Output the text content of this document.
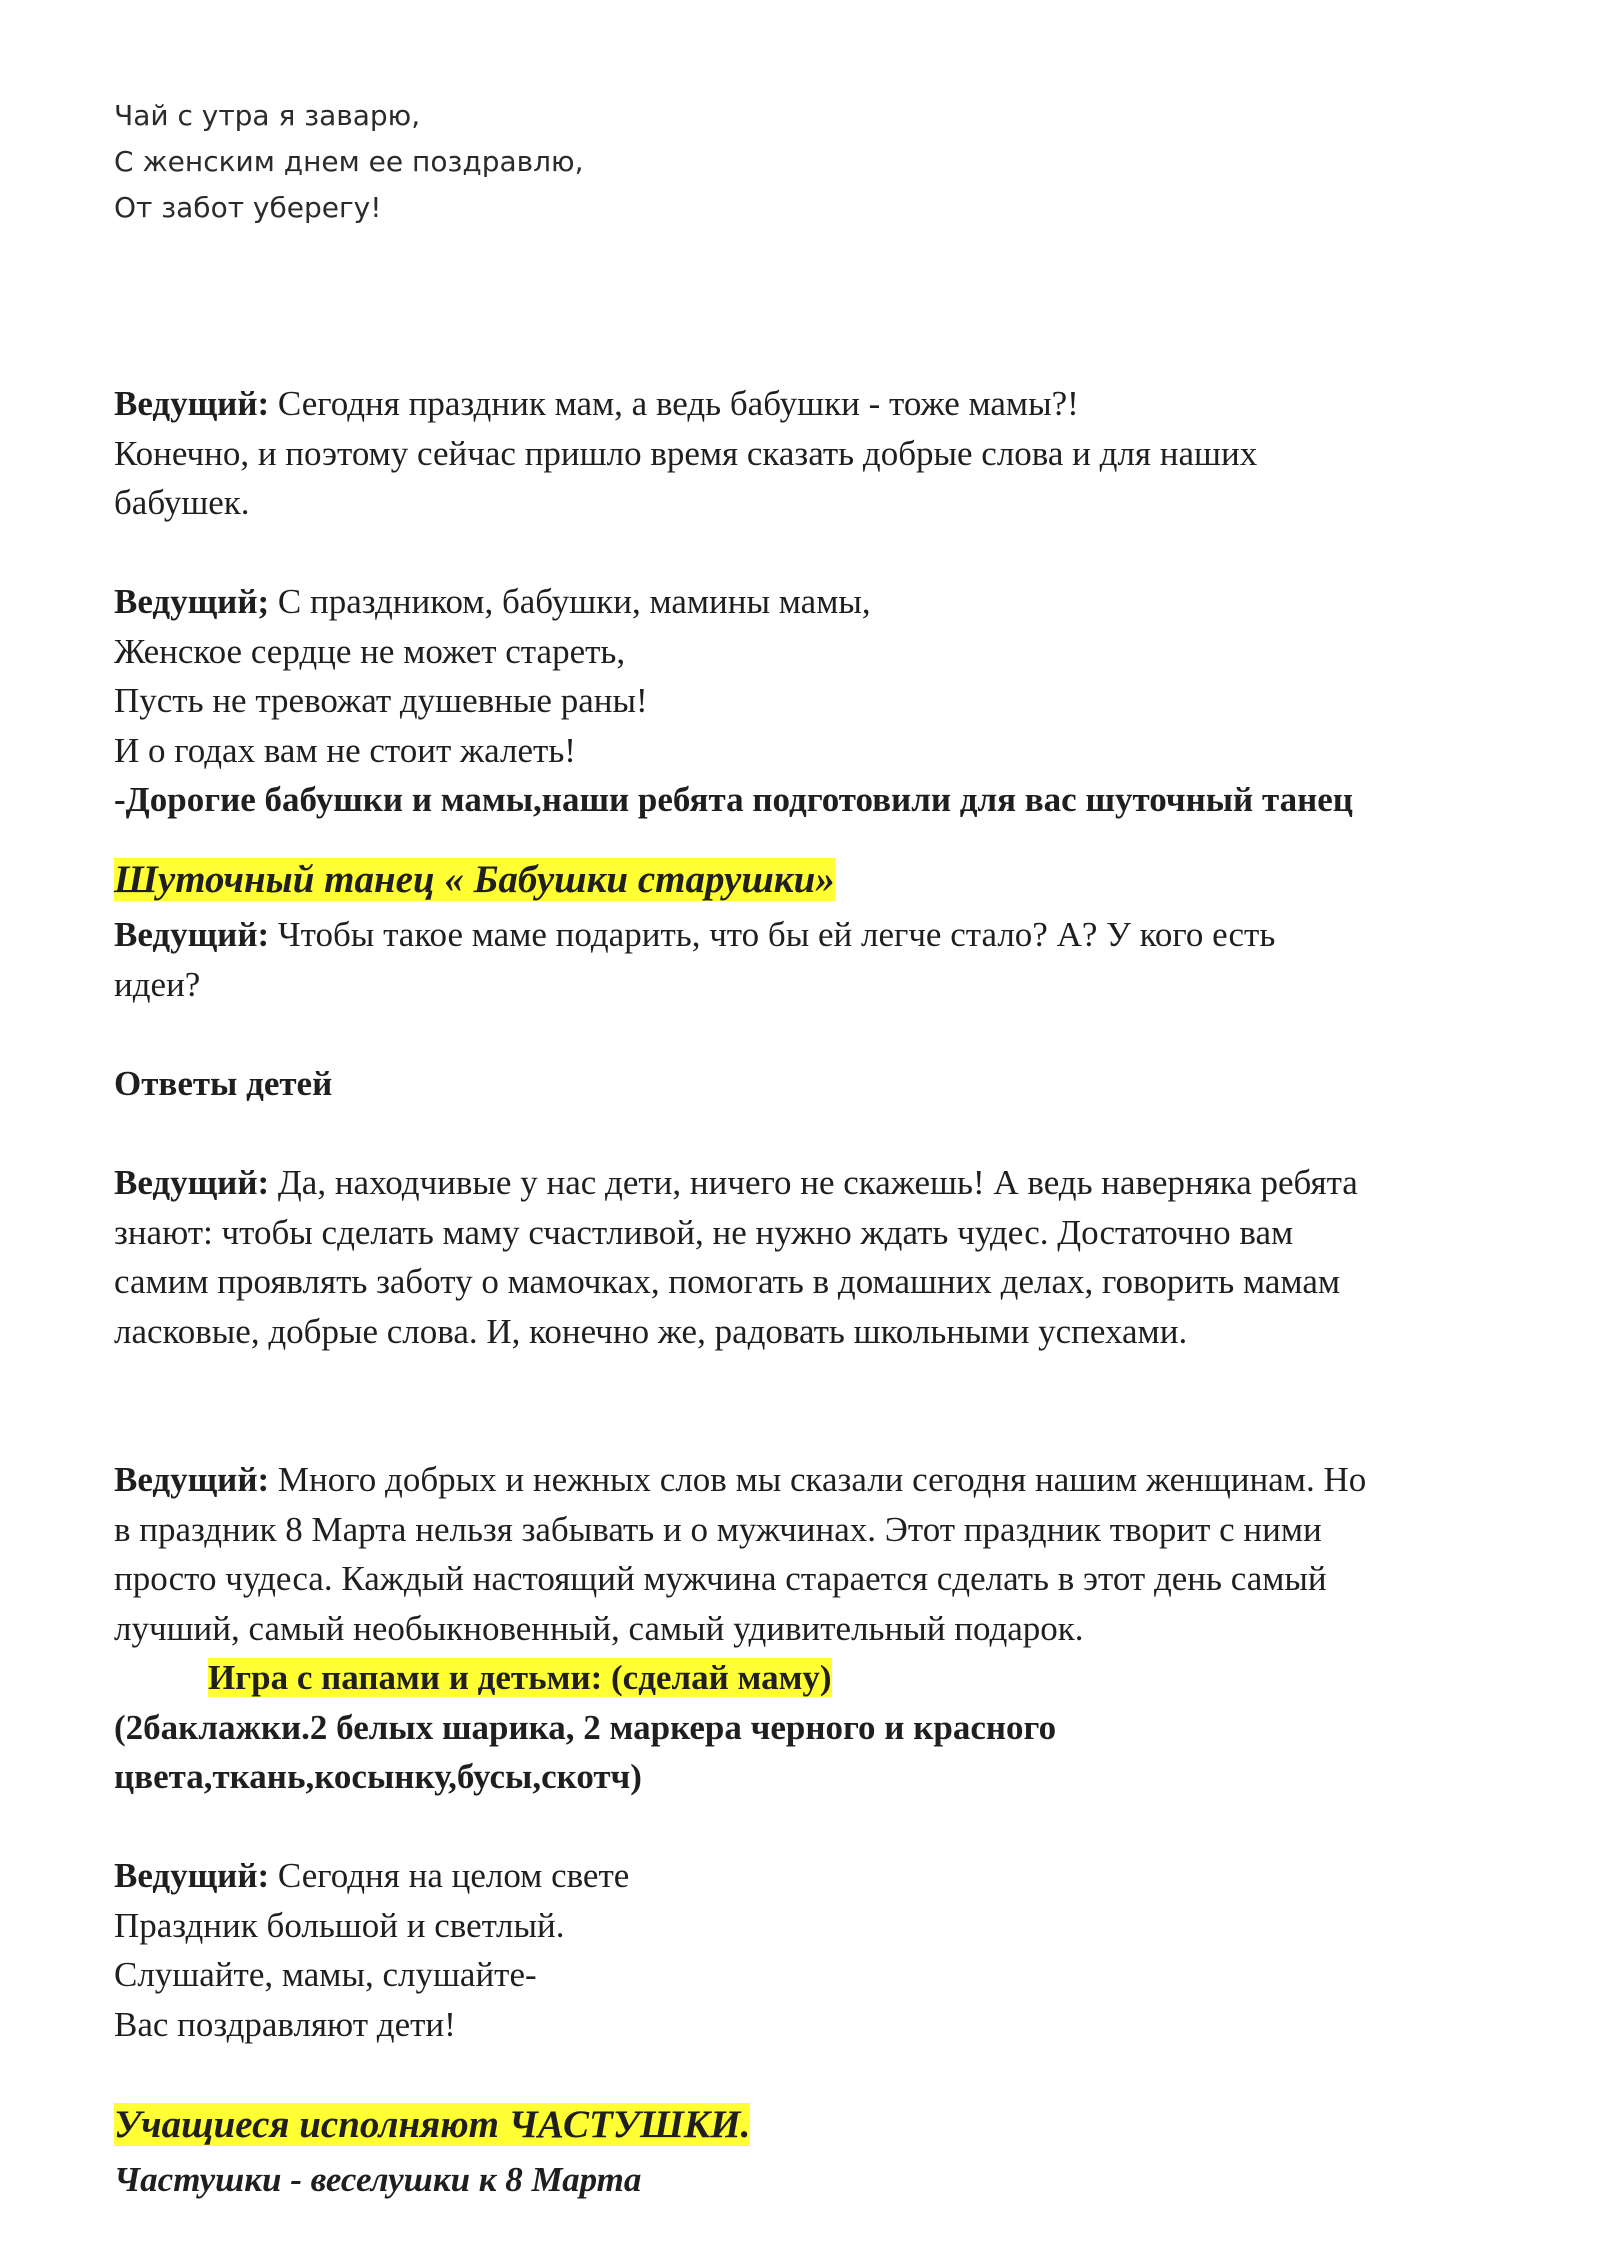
Чай с утра я заварю,
С женским днем ее поздравлю,
От забот уберегу!

Ведущий: Сегодня праздник мам, а ведь бабушки - тоже мамы?!

Конечно, и поэтому сейчас пришло время сказать добрые слова и для наших

бабушек.

Ведущий; С праздником, бабушки, мамины мамы,

Женское сердце не может стареть,

Пусть не тревожат душевные раны!

И о годах вам не стоит жалеть!

-Дорогие бабушки и мамы,наши ребята подготовили для вас шуточный танец

Шуточный танец « Бабушки старушки»

Ведущий: Чтобы такое маме подарить, что бы ей легче стало? А? У кого есть

идеи?

Ответы детей

Ведущий: Да, находчивые у нас дети, ничего не скажешь! А ведь наверняка ребята

знают: чтобы сделать маму счастливой, не нужно ждать чудес. Достаточно вам

самим проявлять заботу о мамочках, помогать в домашних делах, говорить мамам

ласковые, добрые слова. И, конечно же, радовать школьными успехами.

Ведущий: Много добрых и нежных слов мы сказали сегодня нашим женщинам. Но

в праздник 8 Марта нельзя забывать и о мужчинах. Этот праздник творит с ними

просто чудеса. Каждый настоящий мужчина старается сделать в этот день самый

лучший, самый необыкновенный, самый удивительный подарок.

Игра с папами и детьми: (сделай маму)

(2баклажки.2 белых шарика, 2 маркера черного и красного

цвета,ткань,косынку,бусы,скотч)

Ведущий: Сегодня на целом свете

Праздник большой и светлый.

Слушайте, мамы, слушайте-

Вас поздравляют дети!

Учащиеся исполняют ЧАСТУШКИ.

Частушки - веселушки к 8 Марта
